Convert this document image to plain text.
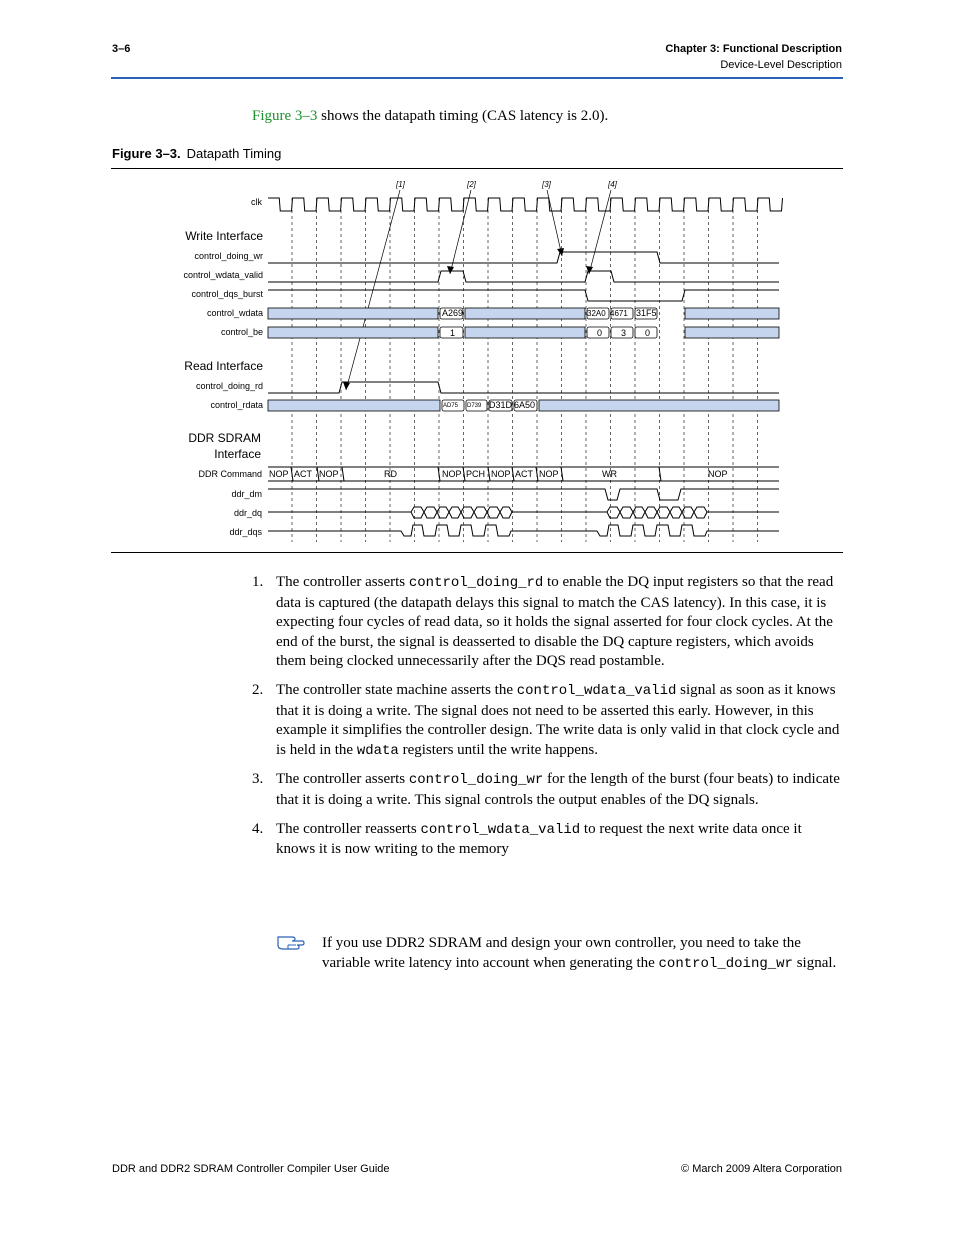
3–6	Chapter 3: Functional Description
Device-Level Description
Figure 3–3 shows the datapath timing (CAS latency is 2.0).
Figure 3–3. Datapath Timing
[1]	[2]	[3]	[4]
clk
Write Interface
control_doing_wr
control_wdata_valid
control_dqs_burst
control_wdata
control_be
Read Interface
control_doing_rd
control_rdata
DDR SDRAM
Interface
DDR Command
ddr_dm
ddr_dq
ddr_dqs
A269	32A0 4671 31F5
1	0 3 0
AD75 D739 D31D 6A50
NOP ACT NOP	RD	NOP PCH NOP ACT NOP	WR	NOP
1. The controller asserts control_doing_rd to enable the DQ input registers so that the read data is captured (the datapath delays this signal to match the CAS latency). In this case, it is expecting four cycles of read data, so it holds the signal asserted for four clock cycles. At the end of the burst, the signal is deasserted to disable the DQ capture registers, which avoids them being clocked unnecessarily after the DQS read postamble.
2. The controller state machine asserts the control_wdata_valid signal as soon as it knows that it is doing a write. The signal does not need to be asserted this early. However, in this example it simplifies the controller design. The write data is only valid in that clock cycle and is held in the wdata registers until the write happens.
3. The controller asserts control_doing_wr for the length of the burst (four beats) to indicate that it is doing a write. This signal controls the output enables of the DQ signals.
4. The controller reasserts control_wdata_valid to request the next write data once it knows it is now writing to the memory
If you use DDR2 SDRAM and design your own controller, you need to take the variable write latency into account when generating the control_doing_wr signal.
DDR and DDR2 SDRAM Controller Compiler User Guide	© March 2009 Altera Corporation
